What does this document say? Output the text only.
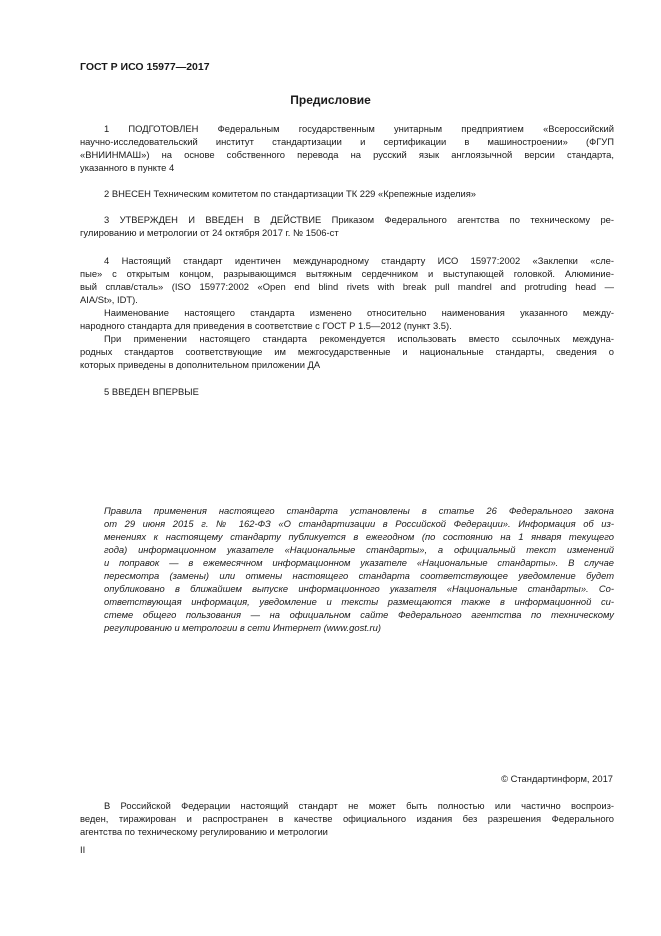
ГОСТ Р ИСО 15977—2017
Предисловие
1 ПОДГОТОВЛЕН Федеральным государственным унитарным предприятием «Всероссийский
научно-исследовательский институт стандартизации и сертификации в машиностроении» (ФГУП
«ВНИИНМАШ») на основе собственного перевода на русский язык англоязычной версии стандарта,
указанного в пункте 4
2 ВНЕСЕН Техническим комитетом по стандартизации ТК 229 «Крепежные изделия»
3 УТВЕРЖДЕН И ВВЕДЕН В ДЕЙСТВИЕ Приказом Федерального агентства по техническому ре-
гулированию и метрологии от 24 октября 2017 г. № 1506-ст
4 Настоящий стандарт идентичен международному стандарту ИСО 15977:2002 «Заклепки «сле-
пые» с открытым концом, разрывающимся вытяжным сердечником и выступающей головкой. Алюминие-
вый сплав/сталь» (ISO 15977:2002 «Open end blind rivets with break pull mandrel and protruding head —
AIA/St», IDT).
Наименование настоящего стандарта изменено относительно наименования указанного между-
народного стандарта для приведения в соответствие с ГОСТ Р 1.5—2012 (пункт 3.5).
При применении настоящего стандарта рекомендуется использовать вместо ссылочных междуна-
родных стандартов соответствующие им межгосударственные и национальные стандарты, сведения о
которых приведены в дополнительном приложении ДА
5 ВВЕДЕН ВПЕРВЫЕ
Правила применения настоящего стандарта установлены в статье 26 Федерального закона
от 29 июня 2015 г. № 162-ФЗ «О стандартизации в Российской Федерации». Информация об из-
менениях к настоящему стандарту публикуется в ежегодном (по состоянию на 1 января текущего
года) информационном указателе «Национальные стандарты», а официальный текст изменений
и поправок — в ежемесячном информационном указателе «Национальные стандарты». В случае
пересмотра (замены) или отмены настоящего стандарта соответствующее уведомление будет
опубликовано в ближайшем выпуске информационного указателя «Национальные стандарты». Со-
ответствующая информация, уведомление и тексты размещаются также в информационной си-
стеме общего пользования — на официальном сайте Федерального агентства по техническому
регулированию и метрологии в сети Интернет (www.gost.ru)
© Стандартинформ, 2017
В Российской Федерации настоящий стандарт не может быть полностью или частично воспроиз-
веден, тиражирован и распространен в качестве официального издания без разрешения Федерального
агентства по техническому регулированию и метрологии
II
